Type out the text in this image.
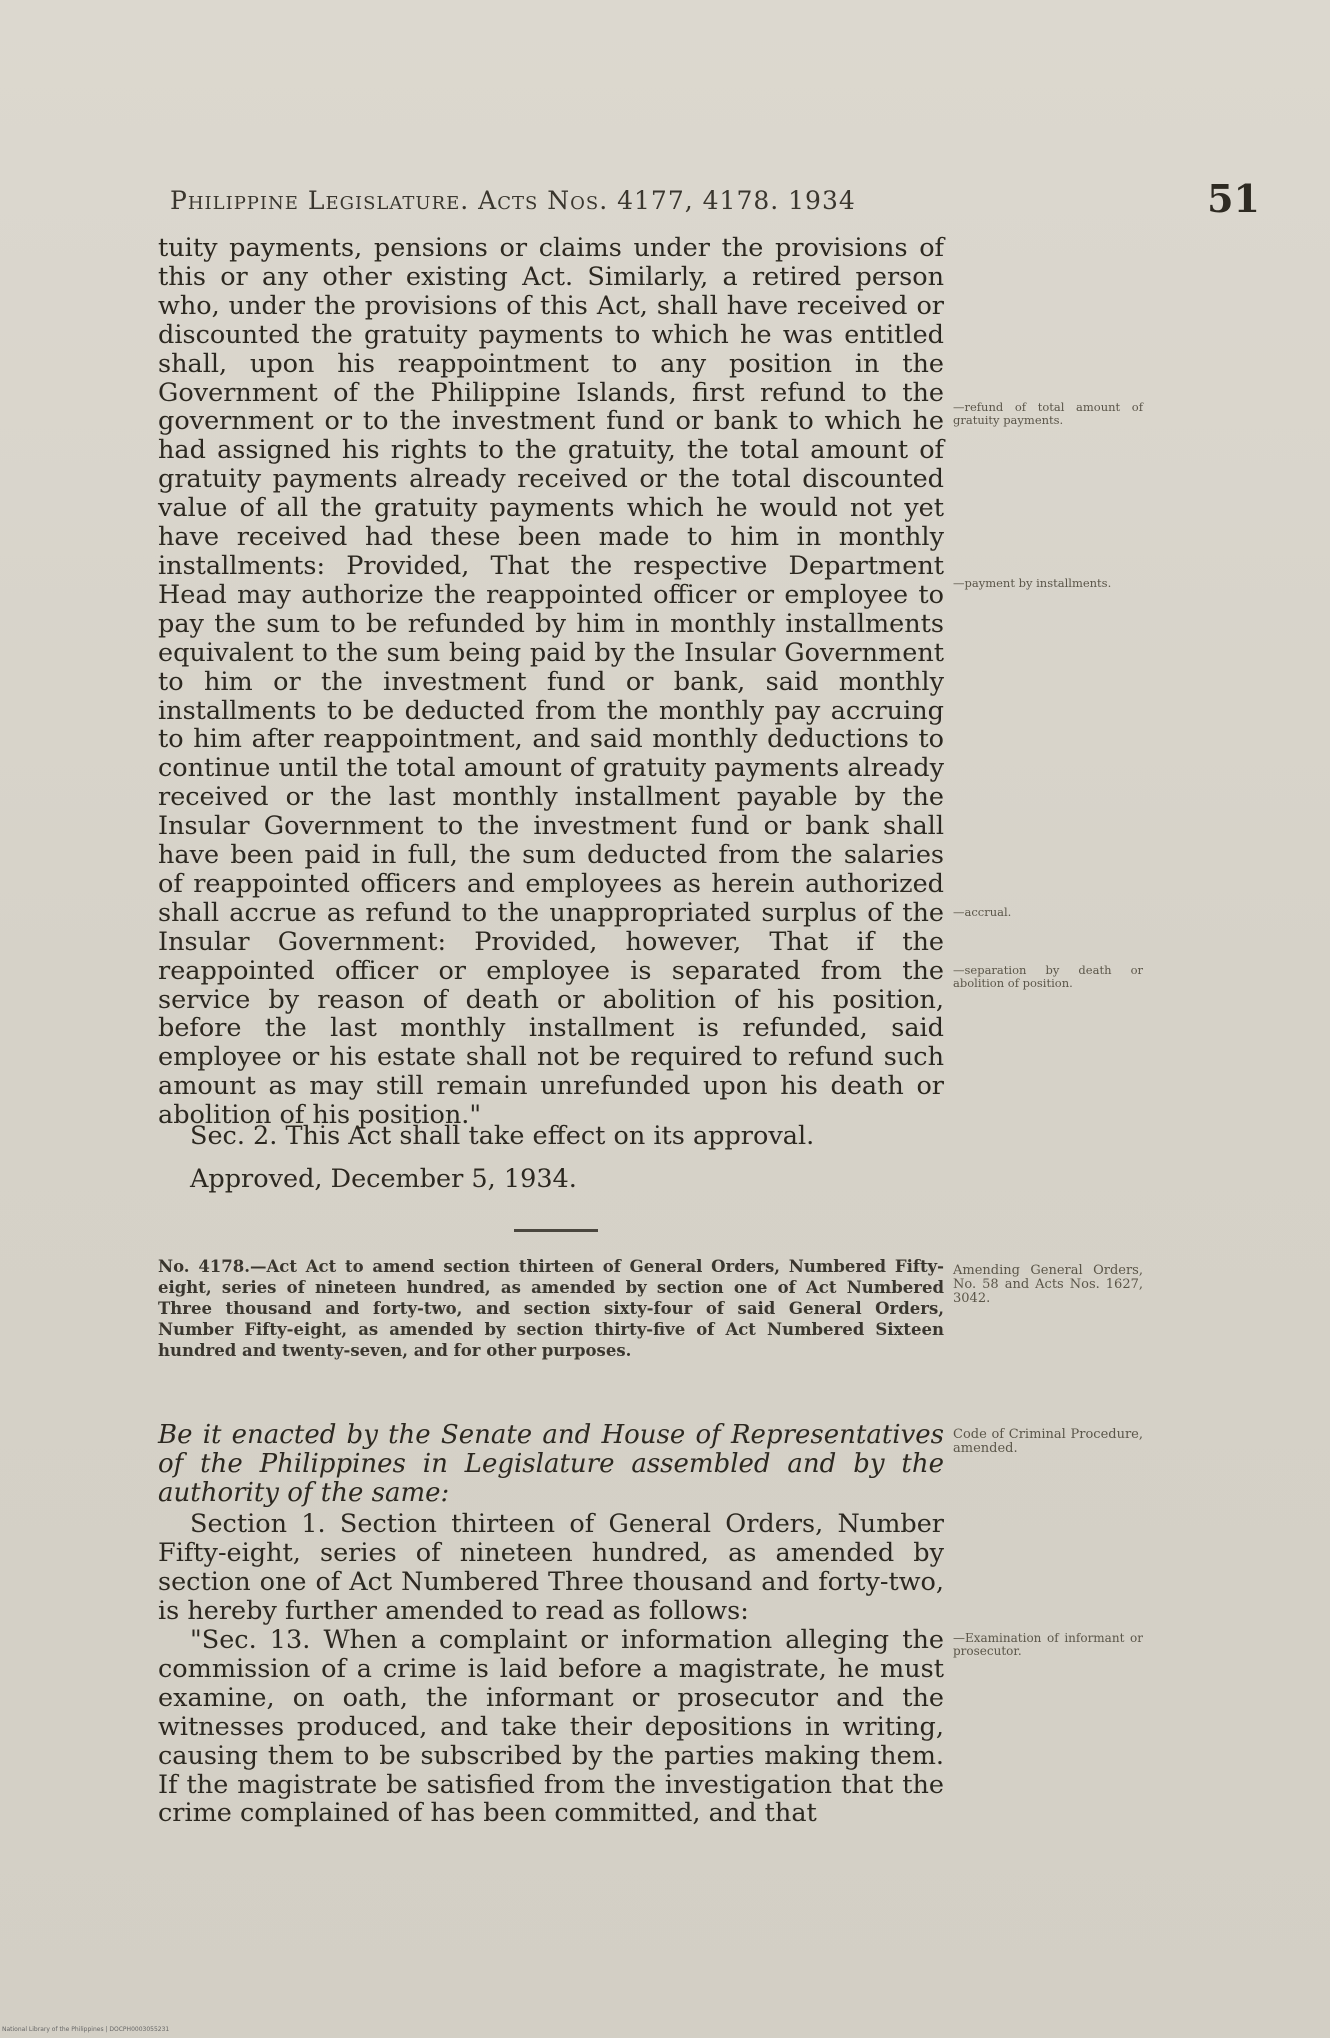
Philippine Legislature. Acts Nos. 4177, 4178. 1934	51

tuity payments, pensions or claims under the provisions of this or any other existing Act. Similarly, a retired person who, under the provisions of this Act, shall have received or discounted the gratuity payments to which he was entitled shall, upon his reappointment to any position in the Government of the Philippine Islands, first refund to the government or to the investment fund or bank to which he had assigned his rights to the gratuity, the total amount of gratuity payments already received or the total discounted value of all the gratuity payments which he would not yet have received had these been made to him in monthly installments: Provided, That the respective Department Head may authorize the reappointed officer or employee to pay the sum to be refunded by him in monthly installments equivalent to the sum being paid by the Insular Government to him or the investment fund or bank, said monthly installments to be deducted from the monthly pay accruing to him after reappointment, and said monthly deductions to continue until the total amount of gratuity payments already received or the last monthly installment payable by the Insular Government to the investment fund or bank shall have been paid in full, the sum deducted from the salaries of reappointed officers and employees as herein authorized shall accrue as refund to the unappropriated surplus of the Insular Government: Provided, however, That if the reappointed officer or employee is separated from the service by reason of death or abolition of his position, before the last monthly installment is refunded, said employee or his estate shall not be required to refund such amount as may still remain unrefunded upon his death or abolition of his position."

Sec. 2. This Act shall take effect on its approval.

Approved, December 5, 1934.

—refund of total amount of gratuity payments.
—payment by installments.
—accrual.
—separation by death or abolition of position.
No. 4178.—Act Act to amend section thirteen of General Orders, Numbered Fifty-eight, series of nineteen hundred, as amended by section one of Act Numbered Three thousand and forty-two, and section sixty-four of said General Orders, Number Fifty-eight, as amended by section thirty-five of Act Numbered Sixteen hundred and twenty-seven, and for other purposes.
Amending General Orders, No. 58 and Acts Nos. 1627, 3042.
Be it enacted by the Senate and House of Representatives of the Philippines in Legislature assembled and by the authority of the same:
Code of Criminal Procedure, amended.

Section 1. Section thirteen of General Orders, Number Fifty-eight, series of nineteen hundred, as amended by section one of Act Numbered Three thousand and forty-two, is hereby further amended to read as follows:

"Sec. 13. When a complaint or information alleging the commission of a crime is laid before a magistrate, he must examine, on oath, the informant or prosecutor and the witnesses produced, and take their depositions in writing, causing them to be subscribed by the parties making them. If the magistrate be satisfied from the investigation that the crime complained of has been committed, and that

—Examination of informant or prosecutor.
National Library of the Philippines | DOCPH0003055231
